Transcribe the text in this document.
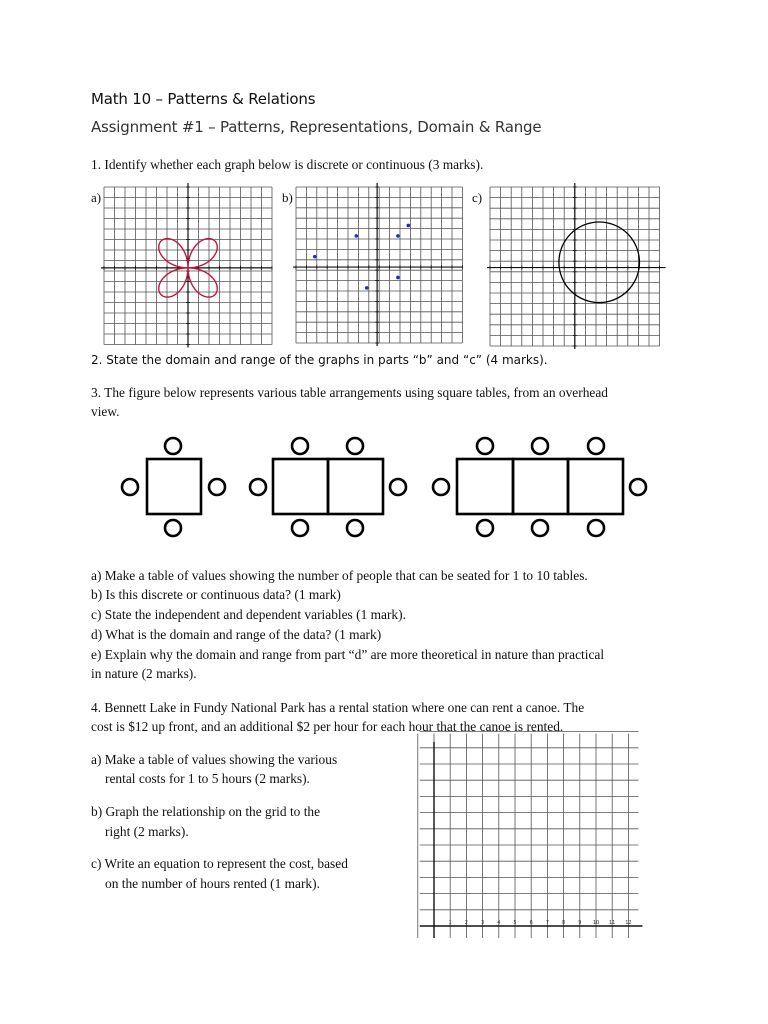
Math 10 – Patterns & Relations
Assignment #1 – Patterns, Representations, Domain & Range
1. Identify whether each graph below is discrete or continuous (3 marks).
a)	b)	c)
2. State the domain and range of the graphs in parts “b” and “c” (4 marks).
3. The figure below represents various table arrangements using square tables, from an overhead
view.
a) Make a table of values showing the number of people that can be seated for 1 to 10 tables.
b) Is this discrete or continuous data? (1 mark)
c) State the independent and dependent variables (1 mark).
d) What is the domain and range of the data? (1 mark)
e) Explain why the domain and range from part “d” are more theoretical in nature than practical
in nature (2 marks).
4. Bennett Lake in Fundy National Park has a rental station where one can rent a canoe. The
cost is $12 up front, and an additional $2 per hour for each hour that the canoe is rented.
a) Make a table of values showing the various
rental costs for 1 to 5 hours (2 marks).
b) Graph the relationship on the grid to the
right (2 marks).
c) Write an equation to represent the cost, based
on the number of hours rented (1 mark).
1	2	3	4	5	6	7	8	9 10 11 12
